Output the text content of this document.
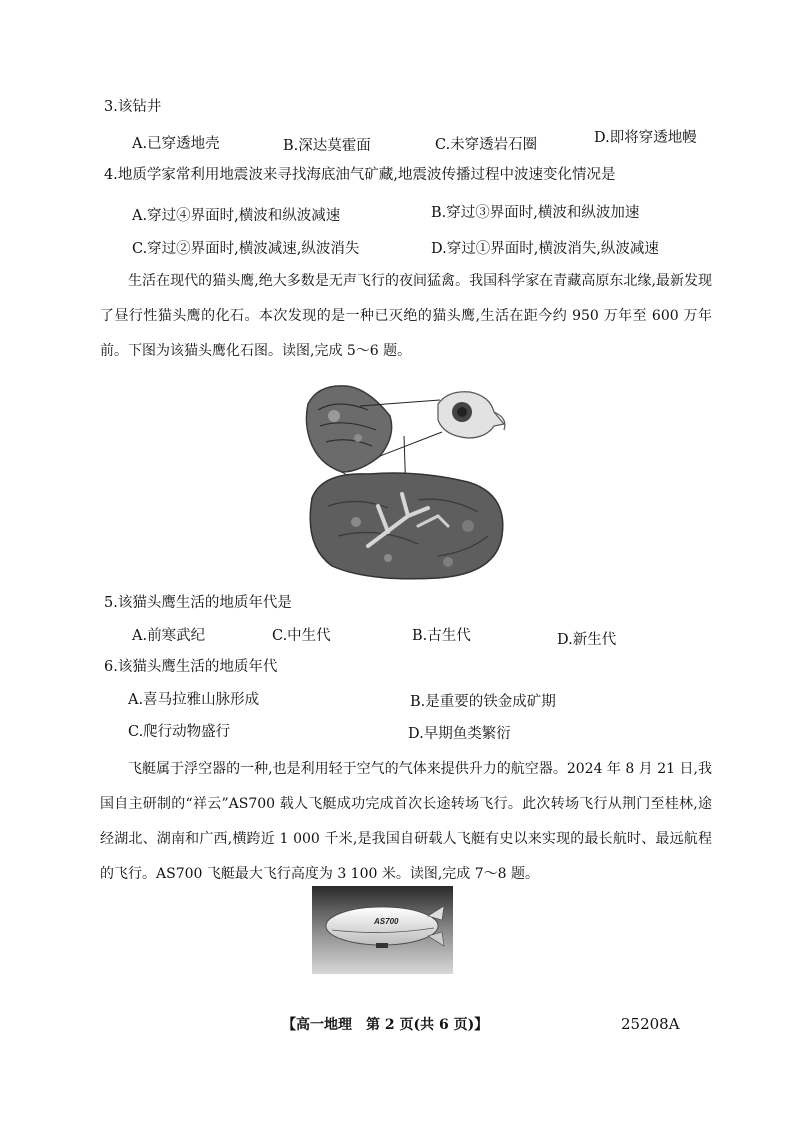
3.该钻井
A.已穿透地壳	B.深达莫霍面	C.未穿透岩石圈	D.即将穿透地幔
4.地质学家常利用地震波来寻找海底油气矿藏,地震波传播过程中波速变化情况是
A.穿过④界面时,横波和纵波减速	B.穿过③界面时,横波和纵波加速
C.穿过②界面时,横波减速,纵波消失	D.穿过①界面时,横波消失,纵波减速
生活在现代的猫头鹰,绝大多数是无声飞行的夜间猛禽。我国科学家在青藏高原东北缘,最新发现了昼行性猫头鹰的化石。本次发现的是一种已灭绝的猫头鹰,生活在距今约 950 万年至 600 万年前。下图为该猫头鹰化石图。读图,完成 5～6 题。
5.该猫头鹰生活的地质年代是
A.前寒武纪	C.中生代	B.古生代	D.新生代
6.该猫头鹰生活的地质年代
A.喜马拉雅山脉形成	B.是重要的铁金成矿期
C.爬行动物盛行	D.早期鱼类繁衍
飞艇属于浮空器的一种,也是利用轻于空气的气体来提供升力的航空器。2024 年 8 月 21 日,我国自主研制的“祥云”AS700 载人飞艇成功完成首次长途转场飞行。此次转场飞行从荆门至桂林,途经湖北、湖南和广西,横跨近 1 000 千米,是我国自研载人飞艇有史以来实现的最长航时、最远航程的飞行。AS700 飞艇最大飞行高度为 3 100 米。读图,完成 7～8 题。
AS700
【高一地理　第 2 页(共 6 页)】	25208A
